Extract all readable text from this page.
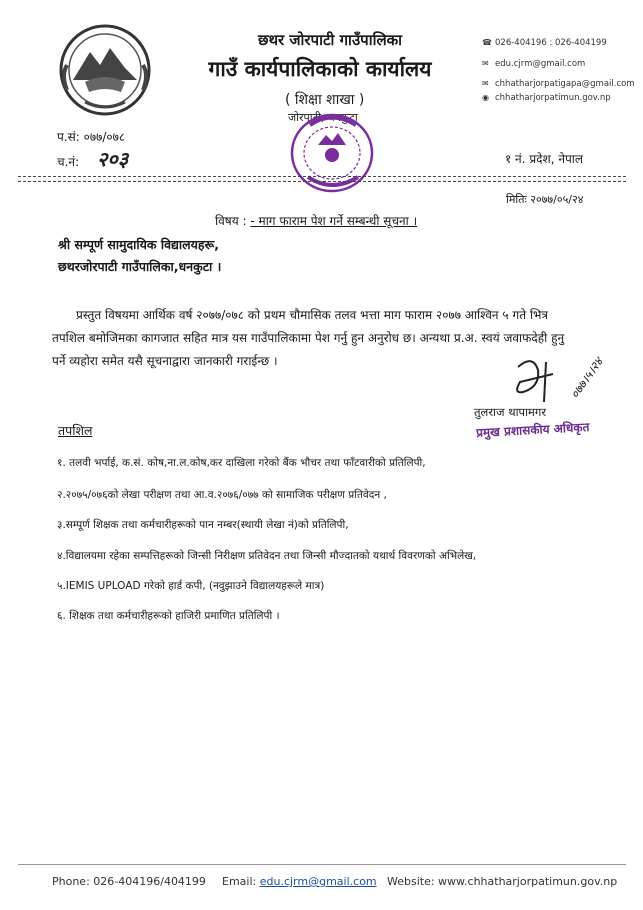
छथर जोरपाटी गाउँपालिका
गाउँ कार्यपालिकाको कार्यालय
( शिक्षा शाखा )
जोरपाटी, धनकुटा
☎ 026-404196 : 026-404199
✉ edu.cjrm@gmail.com
✉ chhatharjorpatigapa@gmail.com
◉ chhatharjorpatimun.gov.np
प.सं: ०७७/०७८
च.नं: २०३	१ नं. प्रदेश, नेपाल
मितिः २०७७/०५/२४
विषय : - माग फाराम पेश गर्ने सम्बन्धी सूचना ।
श्री सम्पूर्ण सामुदायिक विद्यालयहरू,
छथरजोरपाटी गाउँपालिका,धनकुटा ।
प्रस्तुत विषयमा आर्थिक वर्ष २०७७/०७८ को प्रथम चौमासिक तलव भत्ता माग फाराम २०७७ आश्विन ५ गते भित्र
तपशिल बमोजिमका कागजात सहित मात्र यस गाउँपालिकामा पेश गर्नु हुन अनुरोध छ। अन्यथा प्र.अ. स्वयं जवाफदेही हुनु
पर्ने व्यहोरा समेत यसै सूचनाद्वारा जानकारी गराईन्छ ।	०७७।५।२४
तुलराज थापामगर
प्रमुख प्रशासकीय अधिकृत
तपशिल
१. तलवी भर्पाई, क.सं. कोष,ना.ल.कोष,कर दाखिला गरेको बैंक भौचर तथा फाँटवारीको प्रतिलिपी,
२.२०७५/०७६को लेखा परीक्षण तथा आ.व.२०७६/०७७ को सामाजिक परीक्षण प्रतिवेदन ,
३.सम्पूर्ण शिक्षक तथा कर्मचारीहरूको पान नम्बर(स्थायी लेखा नं)को प्रतिलिपी,
४.विद्यालयमा रहेका सम्पत्तिहरूको जिन्सी निरीक्षण प्रतिवेदन तथा जिन्सी मौज्दातको यथार्थ विवरणको अभिलेख,
५.IEMIS UPLOAD गरेको हार्ड कपी, (नवुझाउने विद्यालयहरूले मात्र)
६. शिक्षक तथा कर्मचारीहरूको हाजिरी प्रमाणित प्रतिलिपी ।
Phone: 026-404196/404199 Email: edu.cjrm@gmail.com Website: www.chhatharjorpatimun.gov.np
